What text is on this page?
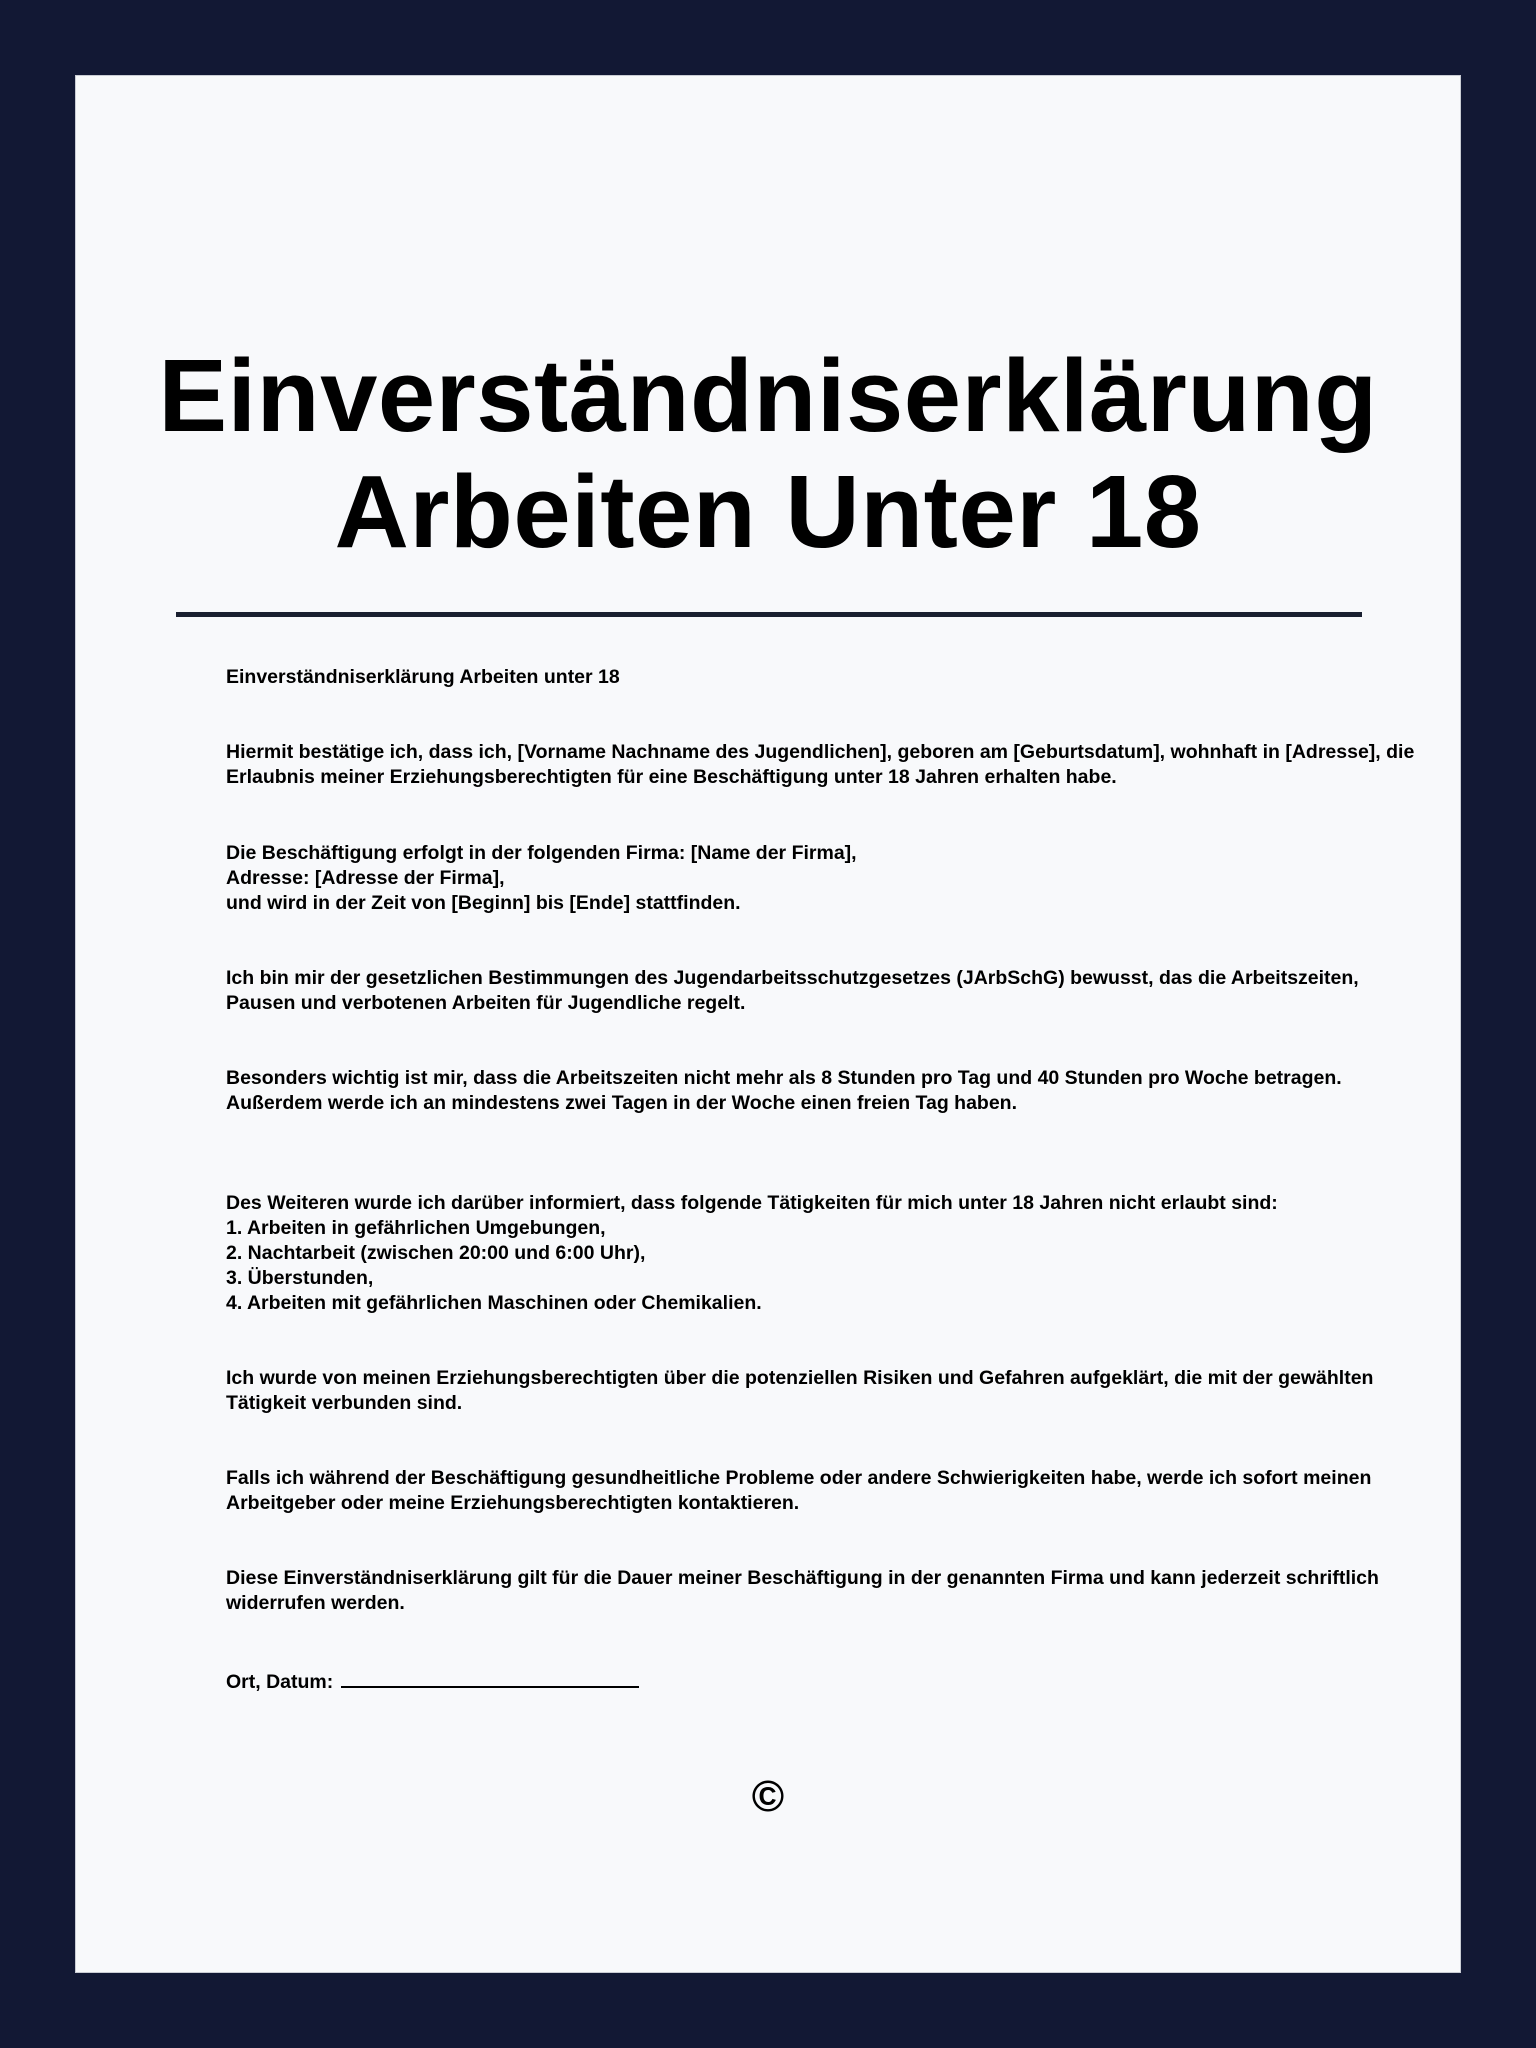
Einverständniserklärung
Arbeiten Unter 18

Einverständniserklärung Arbeiten unter 18

Hiermit bestätige ich, dass ich, [Vorname Nachname des Jugendlichen], geboren am [Geburtsdatum], wohnhaft in [Adresse], die Erlaubnis meiner Erziehungsberechtigten für eine Beschäftigung unter 18 Jahren erhalten habe.

Die Beschäftigung erfolgt in der folgenden Firma: [Name der Firma],
Adresse: [Adresse der Firma],
und wird in der Zeit von [Beginn] bis [Ende] stattfinden.

Ich bin mir der gesetzlichen Bestimmungen des Jugendarbeitsschutzgesetzes (JArbSchG) bewusst, das die Arbeitszeiten, Pausen und verbotenen Arbeiten für Jugendliche regelt.

Besonders wichtig ist mir, dass die Arbeitszeiten nicht mehr als 8 Stunden pro Tag und 40 Stunden pro Woche betragen.
Außerdem werde ich an mindestens zwei Tagen in der Woche einen freien Tag haben.

Des Weiteren wurde ich darüber informiert, dass folgende Tätigkeiten für mich unter 18 Jahren nicht erlaubt sind:
1. Arbeiten in gefährlichen Umgebungen,
2. Nachtarbeit (zwischen 20:00 und 6:00 Uhr),
3. Überstunden,
4. Arbeiten mit gefährlichen Maschinen oder Chemikalien.

Ich wurde von meinen Erziehungsberechtigten über die potenziellen Risiken und Gefahren aufgeklärt, die mit der gewählten Tätigkeit verbunden sind.

Falls ich während der Beschäftigung gesundheitliche Probleme oder andere Schwierigkeiten habe, werde ich sofort meinen Arbeitgeber oder meine Erziehungsberechtigten kontaktieren.

Diese Einverständniserklärung gilt für die Dauer meiner Beschäftigung in der genannten Firma und kann jederzeit schriftlich widerrufen werden.

Ort, Datum:

©
